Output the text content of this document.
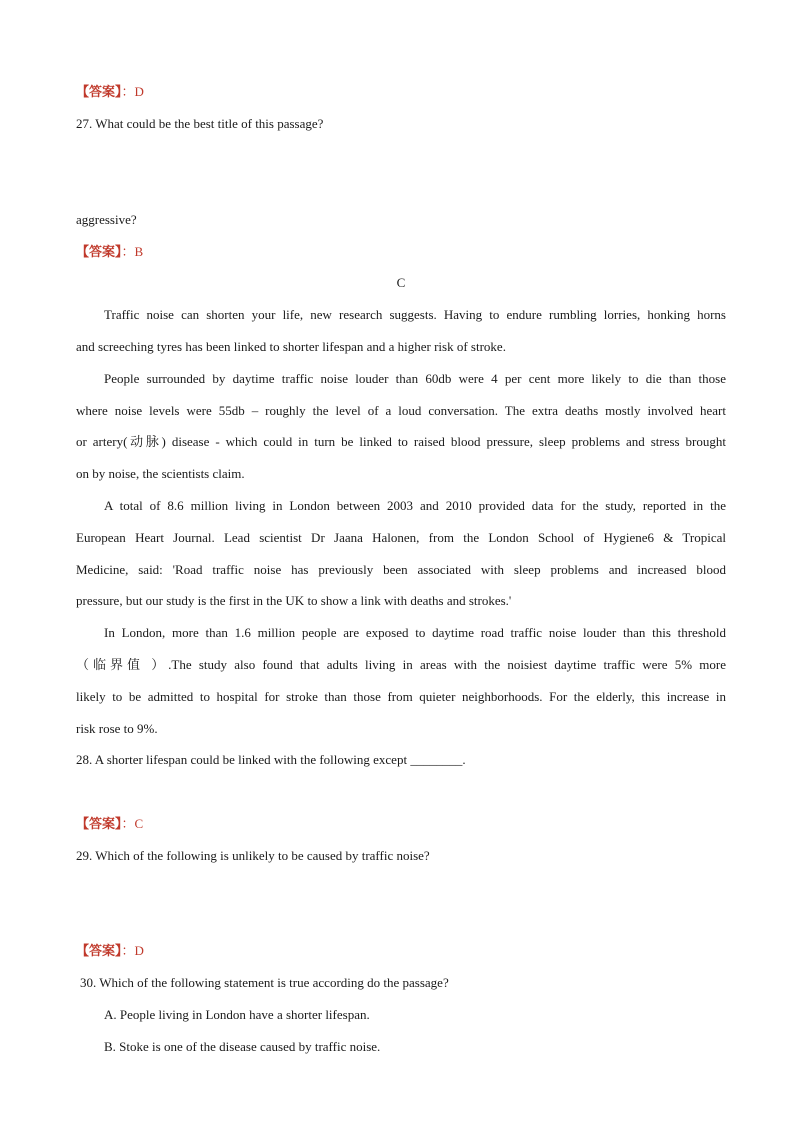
【答案】：D
27. What could be the best title of this passage?
aggressive?
【答案】：B
C
Traffic noise can shorten your life, new research suggests. Having to endure rumbling lorries, honking horns
and screeching tyres has been linked to shorter lifespan and a higher risk of stroke.
People surrounded by daytime traffic noise louder than 60db were 4 per cent more likely to die than those
where noise levels were 55db – roughly the level of a loud conversation. The extra deaths mostly involved heart
or artery(动脉) disease - which could in turn be linked to raised blood pressure, sleep problems and stress brought
on by noise, the scientists claim.
A total of 8.6 million living in London between 2003 and 2010 provided data for the study, reported in the
European Heart Journal. Lead scientist Dr Jaana Halonen, from the London School of Hygiene6 & Tropical
Medicine, said: 'Road traffic noise has previously been associated with sleep problems and increased blood
pressure, but our study is the first in the UK to show a link with deaths and strokes.'
In London, more than 1.6 million people are exposed to daytime road traffic noise louder than this threshold
（临界值 ）.The study also found that adults living in areas with the noisiest daytime traffic were 5% more
likely to be admitted to hospital for stroke than those from quieter neighborhoods. For the elderly, this increase in
risk rose to 9%.
28. A shorter lifespan could be linked with the following except ________.
【答案】：C
29. Which of the following is unlikely to be caused by traffic noise?
【答案】：D
30. Which of the following statement is true according do the passage?
A. People living in London have a shorter lifespan.
B. Stoke is one of the disease caused by traffic noise.
